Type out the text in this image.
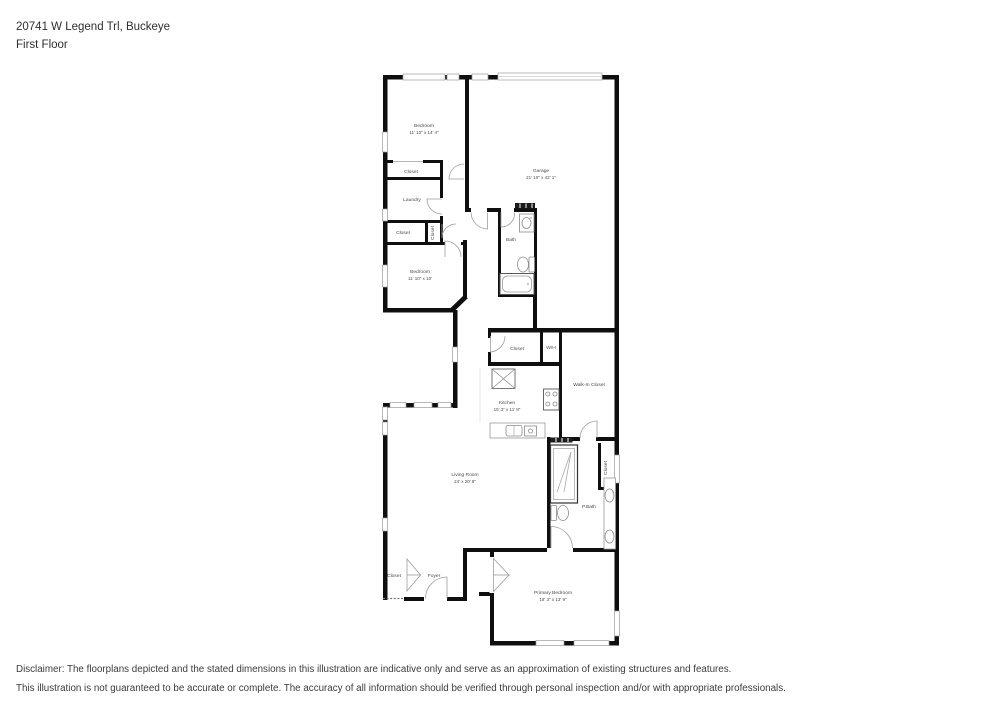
20741 W Legend Trl, Buckeye
First Floor
Bedroom 11' 10" x 14' 4"
Garage 21' 10" x 42' 1"
Closet
Laundry
Closet	Closet
Bedroom 11' 10" x 10'
Bath
Closet	W/H
Walk-In Closet
Kitchen 15' 3" x 11' 8"
Living Room 24' x 20' 9"
Closet
P.Bath
Closet	Foyer
Primary Bedroom 18' 3" x 13' 9"
Disclaimer: The floorplans depicted and the stated dimensions in this illustration are indicative only and serve as an approximation of existing structures and features.
This illustration is not guaranteed to be accurate or complete. The accuracy of all information should be verified through personal inspection and/or with appropriate professionals.
